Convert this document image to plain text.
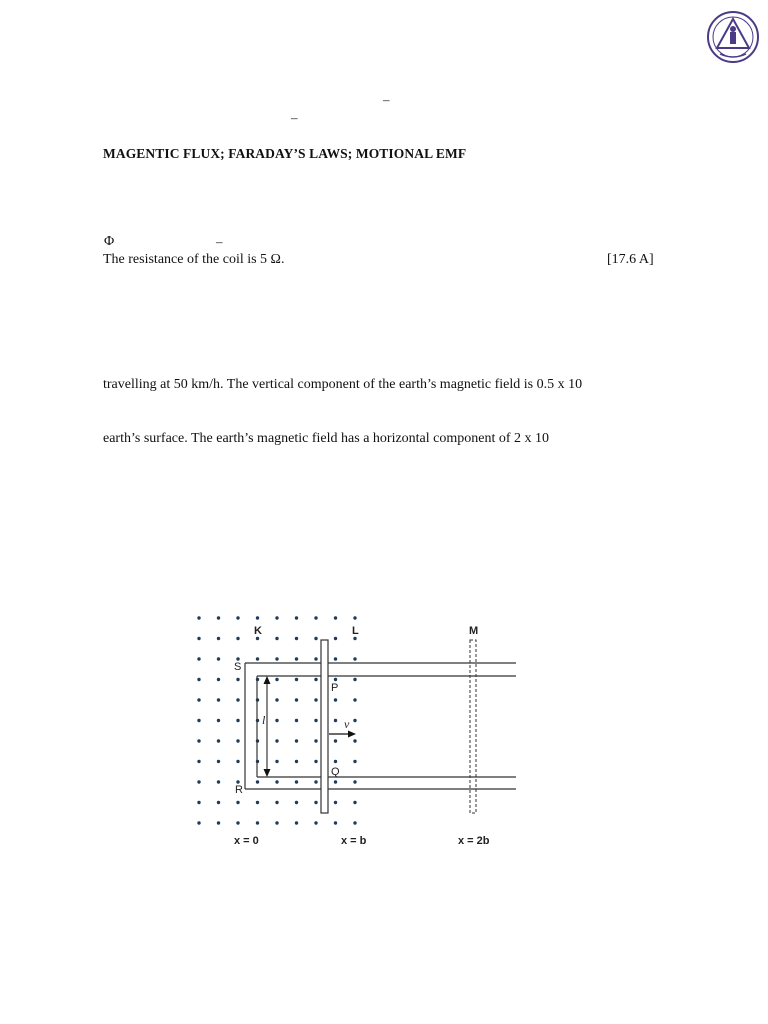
–
–
MAGENTIC FLUX; FARADAY’S LAWS; MOTIONAL EMF
Φ	–
The resistance of the coil is 5 Ω.	[17.6 A]
travelling at 50 km/h. The vertical component of the earth’s magnetic field is 0.5 x 10
earth’s surface. The earth’s magnetic field has a horizontal component of 2 x 10
K	L	M
S
P
Q
R
l	v
x = 0	x = b	x = 2b
